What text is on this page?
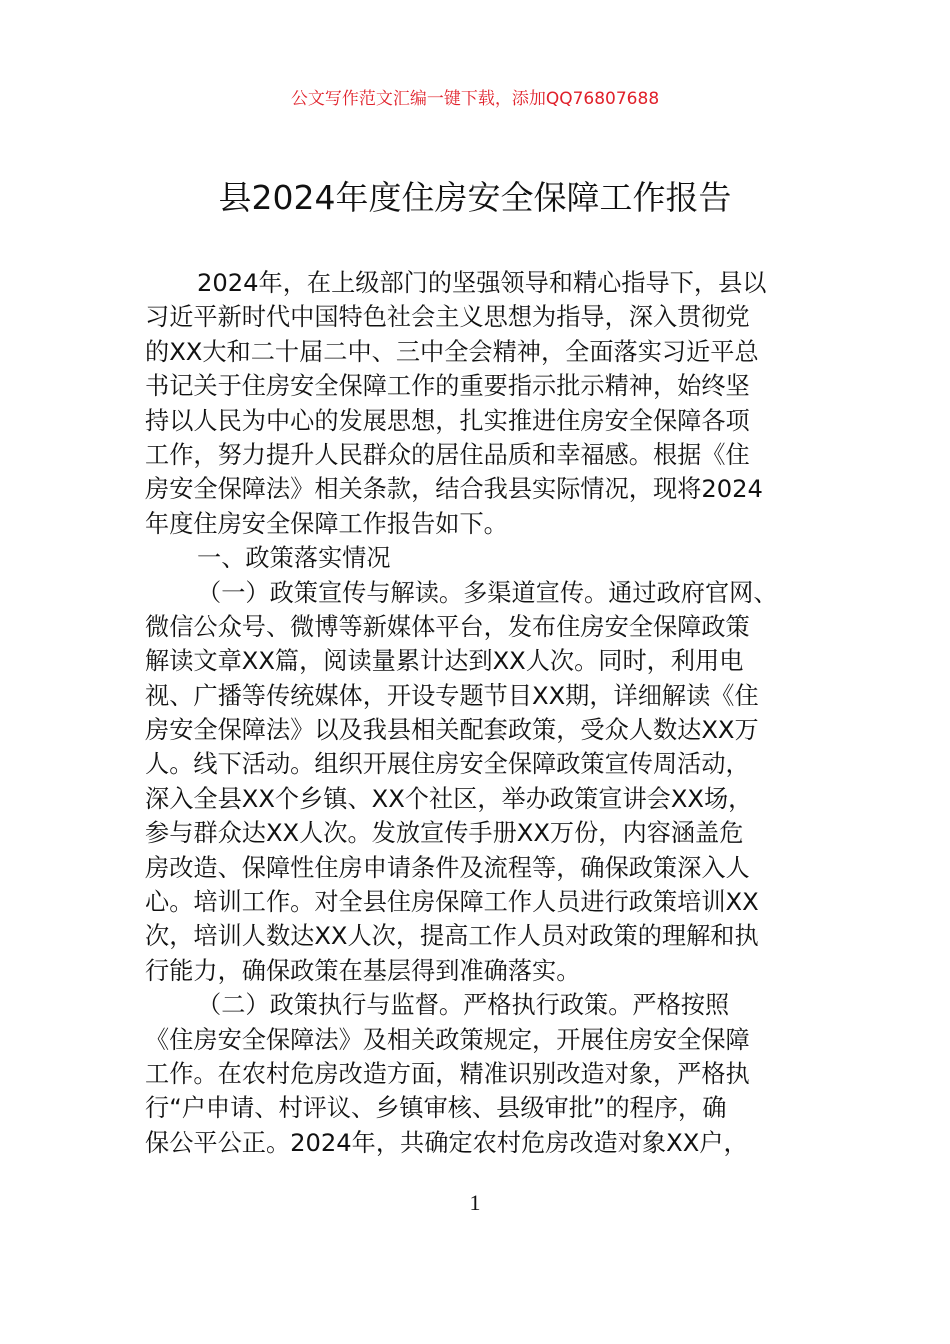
公文写作范文汇编一键下载，添加QQ76807688
县2024年度住房安全保障工作报告
2024年，在上级部门的坚强领导和精心指导下，县以
习近平新时代中国特色社会主义思想为指导，深入贯彻党
的XX大和二十届二中、三中全会精神，全面落实习近平总
书记关于住房安全保障工作的重要指示批示精神，始终坚
持以人民为中心的发展思想，扎实推进住房安全保障各项
工作，努力提升人民群众的居住品质和幸福感。根据《住
房安全保障法》相关条款，结合我县实际情况，现将2024
年度住房安全保障工作报告如下。
一、政策落实情况
（一）政策宣传与解读。多渠道宣传。通过政府官网、
微信公众号、微博等新媒体平台，发布住房安全保障政策
解读文章XX篇，阅读量累计达到XX人次。同时，利用电
视、广播等传统媒体，开设专题节目XX期，详细解读《住
房安全保障法》以及我县相关配套政策，受众人数达XX万
人。线下活动。组织开展住房安全保障政策宣传周活动，
深入全县XX个乡镇、XX个社区，举办政策宣讲会XX场，
参与群众达XX人次。发放宣传手册XX万份，内容涵盖危
房改造、保障性住房申请条件及流程等，确保政策深入人
心。培训工作。对全县住房保障工作人员进行政策培训XX
次，培训人数达XX人次，提高工作人员对政策的理解和执
行能力，确保政策在基层得到准确落实。
（二）政策执行与监督。严格执行政策。严格按照
《住房安全保障法》及相关政策规定，开展住房安全保障
工作。在农村危房改造方面，精准识别改造对象，严格执
行“户申请、村评议、乡镇审核、县级审批”的程序，确
保公平公正。2024年，共确定农村危房改造对象XX户，
1
